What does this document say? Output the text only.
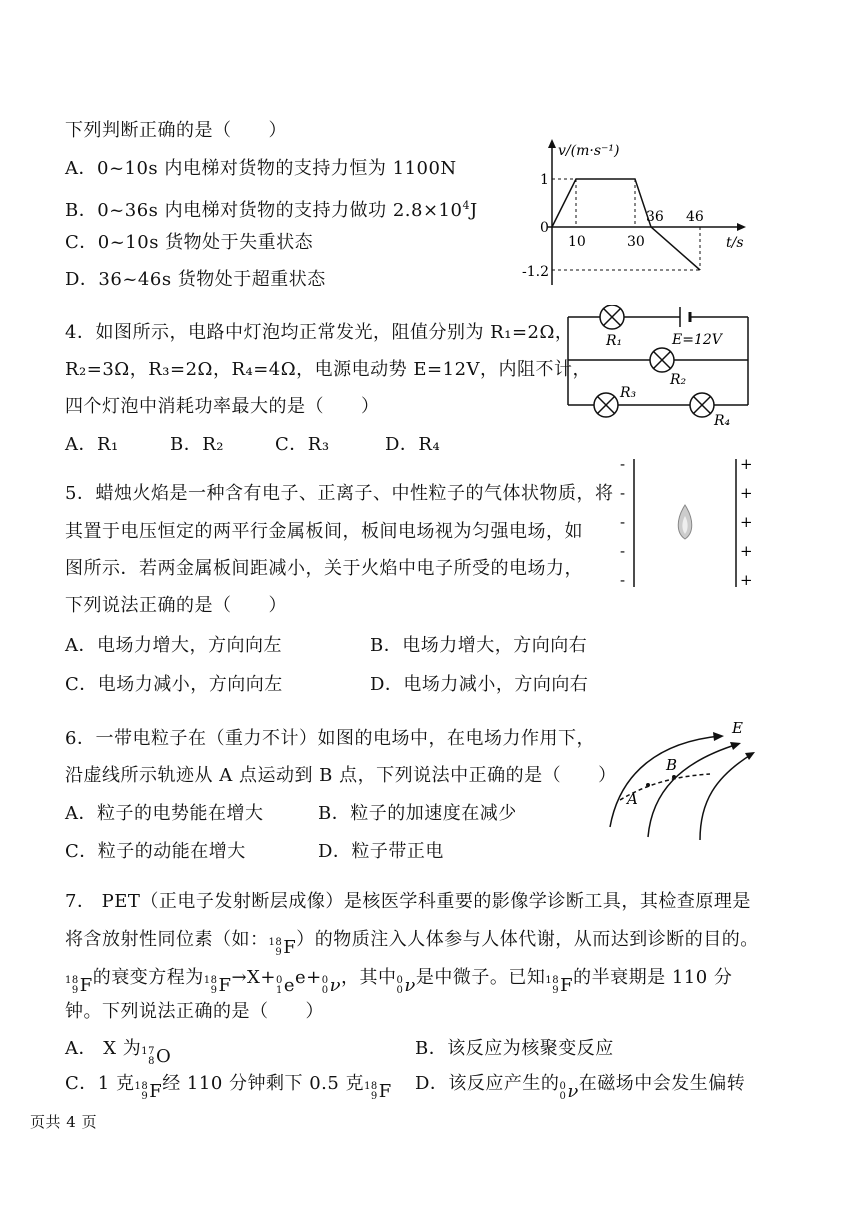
下列判断正确的是（　　）
A．0~10s 内电梯对货物的支持力恒为 1100N
B．0~36s 内电梯对货物的支持力做功 $2.8\times 10^4J$
C．0~10s 货物处于失重状态
D．36~46s 货物处于超重状态
v/(m·s⁻¹)
t/s
0
1
-1.2
10	30
36 46
4．如图所示，电路中灯泡均正常发光，阻值分别为 R₁=2Ω，
R₂=3Ω，R₃=2Ω，R₄=4Ω，电源电动势 E=12V，内阻不计，
四个灯泡中消耗功率最大的是（　　）
A．R₁	B．R₂	C．R₃	D．R₄
R₁	E=12V
R₂
R₃
R₄
5．蜡烛火焰是一种含有电子、正离子、中性粒子的气体状物质，将
其置于电压恒定的两平行金属板间，板间电场视为匀强电场，如
图所示．若两金属板间距减小，关于火焰中电子所受的电场力，
下列说法正确的是（　　）
A．电场力增大，方向向左	B．电场力增大，方向向右
C．电场力减小，方向向左	D．电场力减小，方向向右
-
-
-
-
-
+
+
+
+
+
6．一带电粒子在（重力不计）如图的电场中，在电场力作用下，
沿虚线所示轨迹从 A 点运动到 B 点，下列说法中正确的是（　　）
A．粒子的电势能在增大	B．粒子的加速度在减少
C．粒子的动能在增大	D．粒子带正电
E
A
B
7． PET（正电子发射断层成像）是核医学科重要的影像学诊断工具，其检查原理是
将含放射性同位素（如： 18
9 F ）的物质注入人体参与人体代谢，从而达到诊断的目的。
18
9 F 的衰变方程为 18
9 F →X+ 0
1 e e+ 0
0 ν ，其中 0
0 ν 是中微子。已知 18
9 F 的半衰期是 110 分
钟。下列说法正确的是（　　）
A． X 为 17
8 O	B．该反应为核聚变反应
C．1 克 18
9 F 经 110 分钟剩下 0.5 克 18
9 F D．该反应产生的 0
0 ν 在磁场中会发生偏转
页共 4 页
